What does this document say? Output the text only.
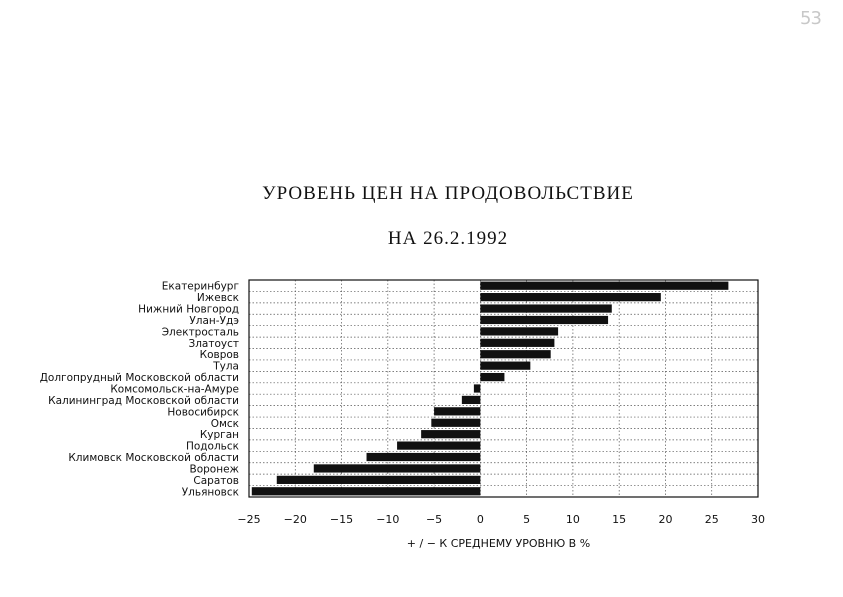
53
УРОВЕНЬ ЦЕН НА ПРОДОВОЛЬСТВИЕ
НА 26.2.1992
Екатеринбург
Ижевск
Нижний Новгород
Улан-Удэ
Электросталь
Златоуст
Ковров
Тула
Долгопрудный Московской области
Комсомольск-на-Амуре
Калининград Московской области
Новосибирск
Омск
Курган
Подольск
Климовск Московской области
Воронеж
Саратов
Ульяновск
−25 −20 −15 −10 −5	0	5	10	15	20	25	30
+ / − К СРЕДНЕМУ УРОВНЮ В %
